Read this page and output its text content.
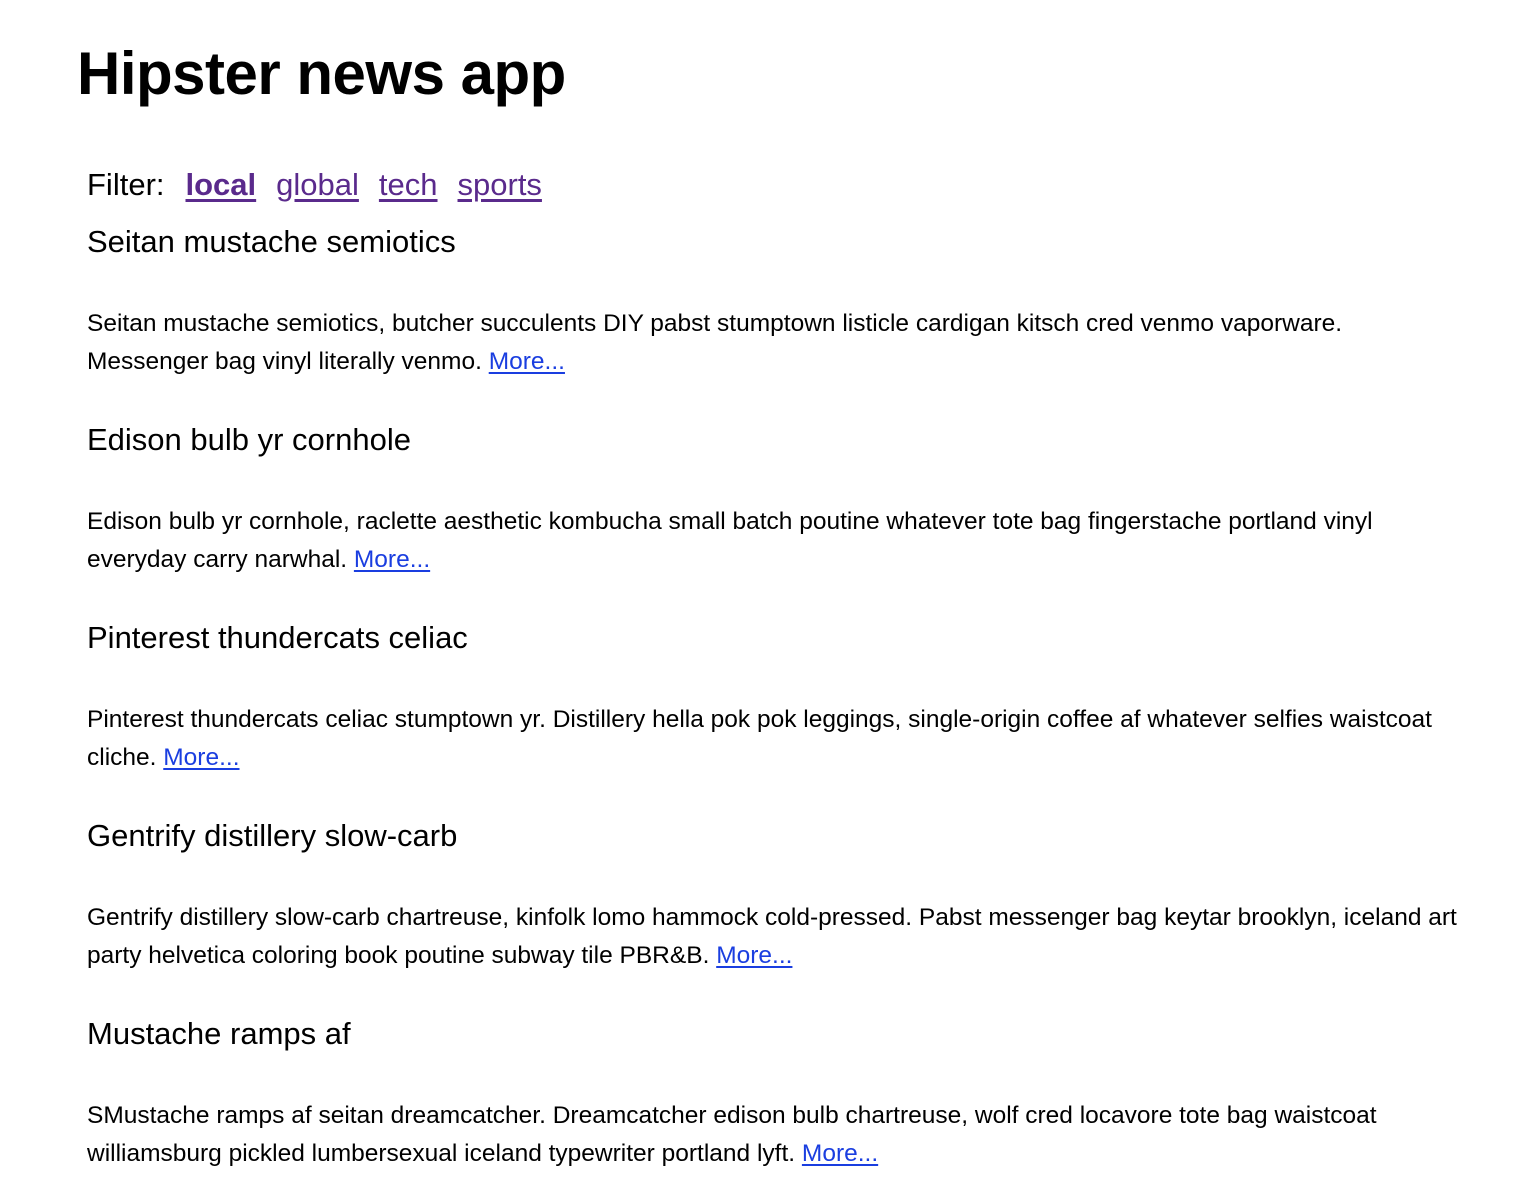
Hipster news app
Filter: local global tech sports
Seitan mustache semiotics

Seitan mustache semiotics, butcher succulents DIY pabst stumptown listicle cardigan kitsch cred venmo vaporware. Messenger bag vinyl literally venmo. More...

Edison bulb yr cornhole

Edison bulb yr cornhole, raclette aesthetic kombucha small batch poutine whatever tote bag fingerstache portland vinyl everyday carry narwhal. More...

Pinterest thundercats celiac

Pinterest thundercats celiac stumptown yr. Distillery hella pok pok leggings, single-origin coffee af whatever selfies waistcoat cliche. More...

Gentrify distillery slow-carb

Gentrify distillery slow-carb chartreuse, kinfolk lomo hammock cold-pressed. Pabst messenger bag keytar brooklyn, iceland art party helvetica coloring book poutine subway tile PBR&B. More...

Mustache ramps af

SMustache ramps af seitan dreamcatcher. Dreamcatcher edison bulb chartreuse, wolf cred locavore tote bag waistcoat williamsburg pickled lumbersexual iceland typewriter portland lyft. More...
